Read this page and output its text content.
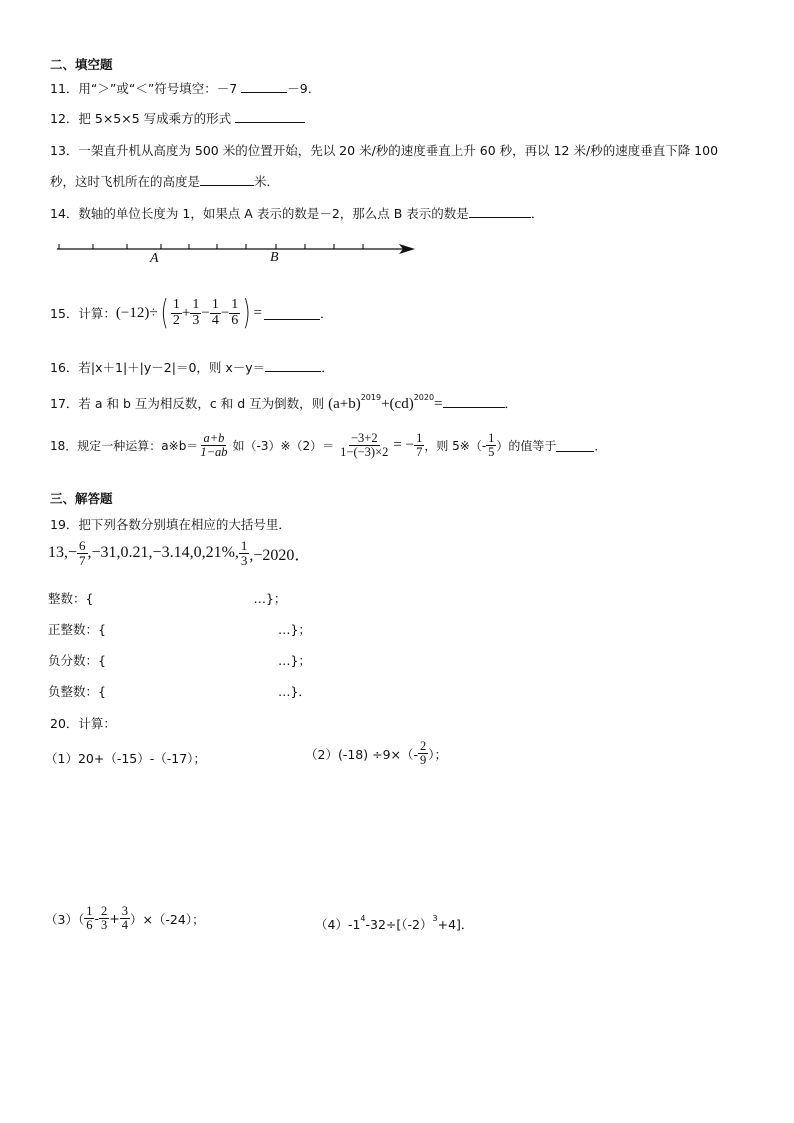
二、填空题
11．用“＞”或“＜”符号填空：－7	－9．
12．把 5×5×5 写成乘方的形式
13．一架直升机从高度为 500 米的位置开始，先以 20 米/秒的速度垂直上升 60 秒，再以 12 米/秒的速度垂直下降 100
秒，这时飞机所在的高度是	米．
14．数轴的单位长度为 1，如果点 A 表示的数是－2，那么点 B 表示的数是	．
A	B
15． 计算： (−12)÷ ( $\frac{1}{2} + \frac{1}{3} - \frac{1}{4} - \frac{1}{6}$ ) =	．
16．若|x＋1|＋|y－2|＝0，则 x－y＝	．
17．若 a 和 b 互为相反数，c 和 d 互为倒数，则 $(a+b)^{2019}+(cd)^{2020}=$	．
18． 规定一种运算：a※b＝ $\frac{a+b}{1-ab}$ 如（-3）※（2）＝ $\frac{-3+2}{1-(-3)\times 2}$ = − $\frac{1}{7}$ ，则 5※（- $\frac{1}{5}$ ）的值等于	．
三、解答题
19．把下列各数分别填在相应的大括号里．
$13,- \frac{6}{7} ,-31,0.21,-3.14,0,21\%$, $\frac{1}{3} ,-2020$．
整数：{	…}；
正整数：{	…}；
负分数：{	…}；
负整数：{	…}．
20．计算：
（1）20+（-15）-（-17）；	$(2)(-18) \div 9\times(- \frac{2}{9}$ ）；
$(3)( \frac{1}{6} - \frac{2}{3} + \frac{3}{4} )\times(-24)$；	$(4)-1^4-32\div[(-2)^3+4]$．
